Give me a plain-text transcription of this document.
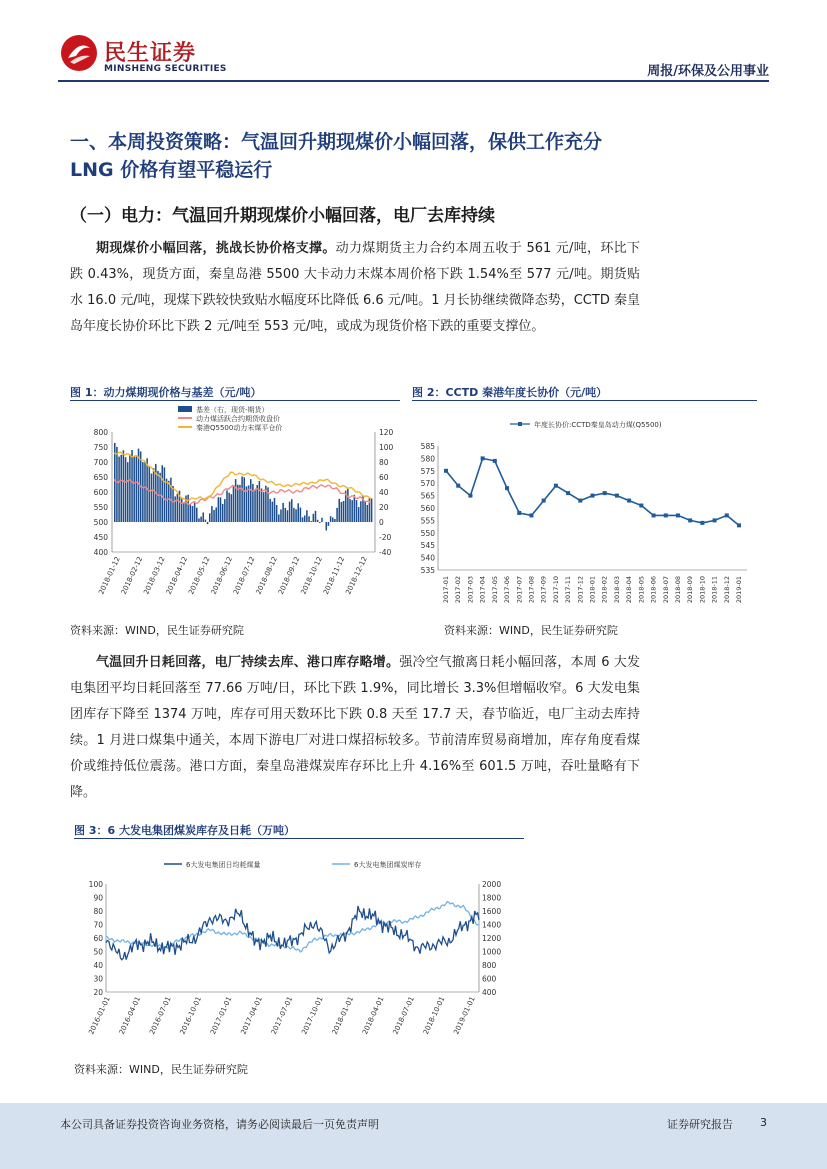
民生证券
MINSHENG SECURITIES	周报/环保及公用事业
一、本周投资策略：气温回升期现煤价小幅回落，保供工作充分 LNG 价格有望平稳运行
（一）电力：气温回升期现煤价小幅回落，电厂去库持续
期现煤价小幅回落，挑战长协价格支撑。动力煤期货主力合约本周五收于 561 元/吨，环比下跌 0.43%，现货方面，秦皇岛港 5500 大卡动力末煤本周价格下跌 1.54%至 577 元/吨。期货贴水 16.0 元/吨，现煤下跌较快致贴水幅度环比降低 6.6 元/吨。1 月长协继续微降态势，CCTD 秦皇岛年度长协价环比下跌 2 元/吨至 553 元/吨，或成为现货价格下跌的重要支撑位。
图 1：动力煤期现价格与基差（元/吨）
基差（右，现货-期货）
动力煤活跃合约期货收盘价
秦港Q5500动力末煤平仓价
800
750
700
650
600
550
500
450
400
120
100
80
60
40
20
0
-20
-40
2018-01-12
2018-02-12
2018-03-12
2018-04-12
2018-05-12
2018-06-12
2018-07-12
2018-08-12
2018-09-12
2018-10-12
2018-11-12
2018-12-12
资料来源：WIND，民生证券研究院
图 2：CCTD 秦港年度长协价（元/吨）
年度长协价:CCTD秦皇岛动力煤(Q5500)
585
580
575
570
565
560
555
550
545
540
535
2017-01 2017-02 2017-03 2017-04 2017-05 2017-06 2017-07 2017-08 2017-09 2017-10 2017-11 2017-12 2018-01 2018-02 2018-03 2018-04 2018-05 2018-06 2018-07 2018-08 2018-09 2018-10 2018-11 2018-12 2019-01
资料来源：WIND，民生证券研究院
气温回升日耗回落，电厂持续去库、港口库存略增。强冷空气撤离日耗小幅回落，本周 6 大发电集团平均日耗回落至 77.66 万吨/日，环比下跌 1.9%，同比增长 3.3%但增幅收窄。6 大发电集团库存下降至 1374 万吨，库存可用天数环比下跌 0.8 天至 17.7 天，春节临近，电厂主动去库持续。1 月进口煤集中通关，本周下游电厂对进口煤招标较多。节前清库贸易商增加，库存角度看煤价或维持低位震荡。港口方面，秦皇岛港煤炭库存环比上升 4.16%至 601.5 万吨，吞吐量略有下降。
图 3：6 大发电集团煤炭库存及日耗（万吨）
6大发电集团日均耗煤量	6大发电集团煤炭库存
100
90
80
70
60
50
40
30
20
2000
1800
1600
1400
1200
1000
800
600
400
2016-01-01 2016-04-01 2016-07-01 2016-10-01 2017-01-01 2017-04-01 2017-07-01 2017-10-01 2018-01-01 2018-04-01 2018-07-01 2018-10-01 2019-01-01
资料来源：WIND，民生证券研究院
本公司具备证券投资咨询业务资格，请务必阅读最后一页免责声明	证券研究报告 3
